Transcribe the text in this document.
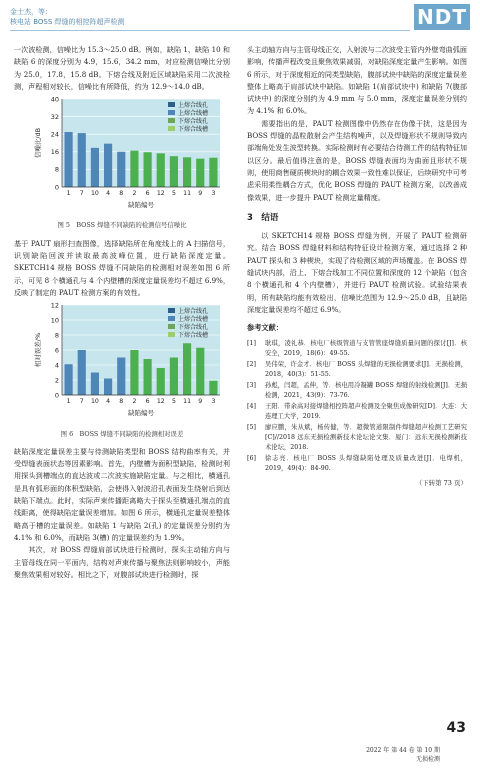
金士杰，等：
核电站 BOSS 焊缝的相控阵超声检测	NDT

一次波检测，信噪比为 15.3～25.0 dB。例如，缺陷 1、缺陷 10 和缺陷 6 的深度分别为 4.9，15.6，34.2 mm，对应检测信噪比分别为 25.0，17.8，15.8 dB。下熔合线及附近区域缺陷采用二次波检测，声程相对较长，信噪比有所降低，约为 12.9～14.0 dB。

0
8
16
24
32
40
信噪比/dB
1 7 10 4 8 2 6 12 5 11 9 3
缺陷编号
上熔合线孔
上熔合线槽
下熔合线孔
下熔合线槽
图 5　BOSS 焊缝不同缺陷的检测信号信噪比

基于 PAUT 扇形扫查图像，选择缺陷所在角度线上的 A 扫描信号，识别缺陷回波并读取最高波峰位置，进行缺陷深度定量。SKETCH14 规格 BOSS 焊缝不同缺陷的检测相对误差如图 6 所示，可见 8 个横通孔与 4 个内壁槽的深度定量误差均不超过 6.9%，反映了制定的 PAUT 检测方案的有效性。

0
2
4
6
8
10
12
相对误差/%
1 7 10 4 8 2 6 12 5 11 9 3
缺陷编号
上熔合线孔
上熔合线槽
下熔合线孔
下熔合线槽
图 6　BOSS 焊缝不同缺陷的检测相对误差

缺陷深度定量误差主要与待测缺陷类型和 BOSS 结构曲率有关，并受焊缝表面状态等因素影响。首先，内壁槽为面积型缺陷，检测时利用探头到槽端点的直达波或二次波实施缺陷定量。与之相比，横通孔是具有弧形面的体积型缺陷，会使得入射波沿孔表面发生绕射后到达缺陷下端点。此时，实际声束传播距离略大于探头至横通孔端点的直线距离，使得缺陷定量误差增加。如图 6 所示，横通孔定量误差整体略高于槽的定量误差。如缺陷 1 与缺陷 2(孔) 的定量误差分别约为 4.1% 和 6.0%，而缺陷 3(槽) 的定量误差约为 1.9%。

其次，对 BOSS 焊缝肩部试块进行检测时，探头主动轴方向与主管母线在同一平面内，结构对声束传播与聚焦法则影响较小，声能聚焦效果相对较好。相比之下，对腹部试块进行检测时，探

头主动轴方向与主管母线正交，入射波与二次波受主管内外壁弯曲弧面影响，传播声程改变且聚焦效果减弱，对缺陷深度定量产生影响。如图 6 所示，对于深度相近的同类型缺陷，腹部试块中缺陷的深度定量误差整体上略高于肩部试块中缺陷。如缺陷 1(肩部试块中) 和缺陷 7(腹部试块中) 的深度分别约为 4.9 mm 与 5.0 mm，深度定量误差分别约为 4.1% 和 6.0%。

需要指出的是，PAUT 检测图像中仍然存在伪像干扰，这是因为 BOSS 焊缝的晶粒散射会产生结构噪声，以及焊缝形状不规则导致内部端角处发生波型转换。实际检测时有必要结合待测工件的结构特征加以区分。最后值得注意的是，BOSS 焊缝表面均为曲面且形状不规则，使用商售硬质楔块时的耦合效果一致性难以保证，后续研究中可考虑采用柔性耦合方式，优化 BOSS 焊缝的 PAUT 检测方案，以改善成像效果，进一步提升 PAUT 检测定量精度。

3　结语

以 SKETCH14 规格 BOSS 焊缝为例，开展了 PAUT 检测研究。结合 BOSS 焊缝材料和结构特征设计检测方案，通过选择 2 种 PAUT 探头和 3 种楔块，实现了待检测区域的声场覆盖。在 BOSS 焊缝试块内部，沿上、下熔合线加工不同位置和深度的 12 个缺陷（包含 8 个横通孔和 4 个内壁槽），并进行 PAUT 检测试验。试验结果表明，所有缺陷均能有效检出，信噪比范围为 12.9～25.0 dB，且缺陷深度定量误差均不超过 6.9%。

参考文献：
[1]	耿琪，凌礼恭．核电厂核级管道与支管管座焊缝质量问题的探讨[J]．核安全，2019，18(6)：49-55.
[2]	吴伟荣，许金才．核电厂 BOSS 头焊缝的无损检测要求[J]．无损检测，2018，40(3)：51-55.
[3]	孙彪，闫超，孟伸，等．核电用冷凝罐 BOSS 焊缝的射线检测[J]．无损检测，2021，43(9)：73-76.
[4]	王阳．带余高对接焊缝相控阵超声检测及全聚焦成像研究[D]．大连：大连理工大学，2019.
[5]	廖应鹏，朱从斌，杨传健，等．超微管道限制件焊缝超声检测工艺研究[C]//2018 远东无损检测新技术论坛论文集．厦门：远东无损检测新技术论坛，2018.
[6]	徐志亮．核电厂 BOSS 头焊缝缺陷处理及质量改进[J]．电焊机，2019，49(4)：84-90.
（下转第 73 页）
43
2022 年 第 44 卷 第 10 期
无损检测
